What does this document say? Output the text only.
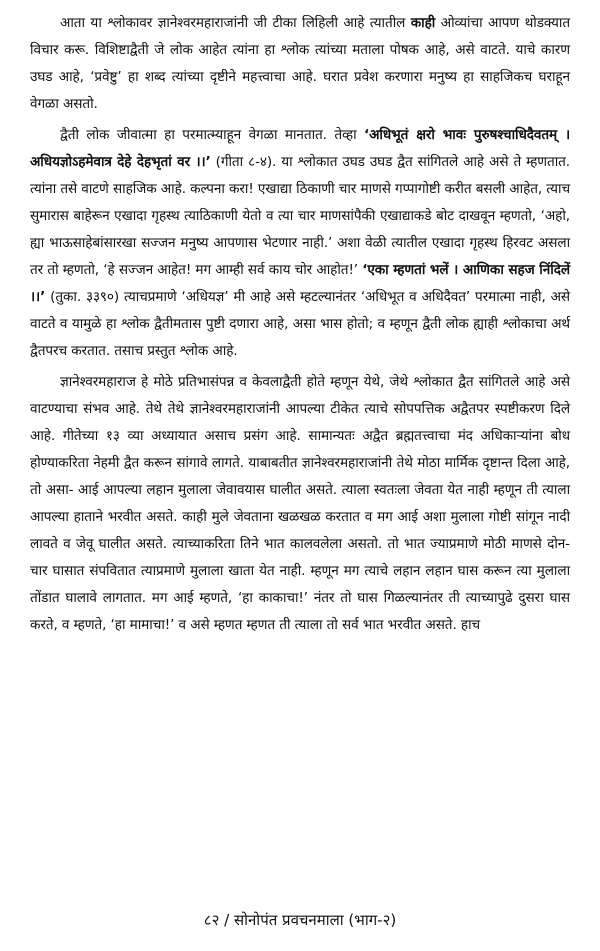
आता या श्लोकावर ज्ञानेश्वरमहाराजांनी जी टीका लिहिली आहे त्यातील काही ओव्यांचा आपण थोडक्यात विचार करू. विशिष्टाद्वैती जे लोक आहेत त्यांना हा श्लोक त्यांच्या मताला पोषक आहे, असे वाटते. याचे कारण उघड आहे, ‘प्रवेष्टु’ हा शब्द त्यांच्या दृष्टीने महत्त्वाचा आहे. घरात प्रवेश करणारा मनुष्य हा साहजिकच घराहून वेगळा असतो.

द्वैती लोक जीवात्मा हा परमात्म्याहून वेगळा मानतात. तेव्हा ‘अधिभूतं क्षरो भावः पुरुषश्चाधिदैवतम्‌ । अधियज्ञोऽहमेवात्र देहे देहभृतां वर ।।’ (गीता ८-४). या श्लोकात उघड उघड द्वैत सांगितले आहे असे ते म्हणतात. त्यांना तसे वाटणे साहजिक आहे. कल्पना करा! एखाद्या ठिकाणी चार माणसे गप्पागोष्टी करीत बसली आहेत, त्याच सुमारास बाहेरून एखादा गृहस्थ त्याठिकाणी येतो व त्या चार माणसांपैकी एखाद्याकडे बोट दाखवून म्हणतो, ‘अहो, ह्या भाऊसाहेबांसारखा सज्जन मनुष्य आपणास भेटणार नाही.’ अशा वेळी त्यातील एखादा गृहस्थ हिरवट असला तर तो म्हणतो, ‘हे सज्जन आहेत! मग आम्ही सर्व काय चोर आहोत!’ ‘एका म्हणतां भलें । आणिका सहज निंदिलें ।।’ (तुका. ३३९०) त्याचप्रमाणे ‘अधियज्ञ’ मी आहे असे म्हटल्यानंतर ‘अधिभूत व अधिदैवत’ परमात्मा नाही, असे वाटते व यामुळे हा श्लोक द्वैतीमतास पुष्टी दणारा आहे, असा भास होतो; व म्हणून द्वैती लोक ह्याही श्लोकाचा अर्थ द्वैतपरच करतात. तसाच प्रस्तुत श्लोक आहे.

ज्ञानेश्वरमहाराज हे मोठे प्रतिभासंपन्न व केवलाद्वैती होते म्हणून येथे, जेथे श्लोकात द्वैत सांगितले आहे असे वाटण्याचा संभव आहे. तेथे तेथे ज्ञानेश्वरमहाराजांनी आपल्या टीकेत त्याचे सोपपत्तिक अद्वैतपर स्पष्टीकरण दिले आहे. गीतेच्या १३ व्या अध्यायात असाच प्रसंग आहे. सामान्यतः अद्वैत ब्रह्मतत्त्वाचा मंद अधिकाऱ्यांना बोध होण्याकरिता नेहमी द्वैत करून सांगावे लागते. याबाबतीत ज्ञानेश्वरमहाराजांनी तेथे मोठा मार्मिक दृष्टान्त दिला आहे, तो असा- आई आपल्या लहान मुलाला जेवावयास घालीत असते. त्याला स्वतःला जेवता येत नाही म्हणून ती त्याला आपल्या हाताने भरवीत असते. काही मुले जेवताना खळखळ करतात व मग आई अशा मुलाला गोष्टी सांगून नादी लावते व जेवू घालीत असते. त्याच्याकरिता तिने भात कालवलेला असतो. तो भात ज्याप्रमाणे मोठी माणसे दोन-चार घासात संपवितात त्याप्रमाणे मुलाला खाता येत नाही. म्हणून मग त्याचे लहान लहान घास करून त्या मुलाला तोंडात घालावे लागतात. मग आई म्हणते, ‘हा काकाचा!’ नंतर तो घास गिळल्यानंतर ती त्याच्यापुढे दुसरा घास करते, व म्हणते, ‘हा मामाचा!’ व असे म्हणत म्हणत ती त्याला तो सर्व भात भरवीत असते. हाच

८२ / सोनोपंत प्रवचनमाला (भाग-२)
